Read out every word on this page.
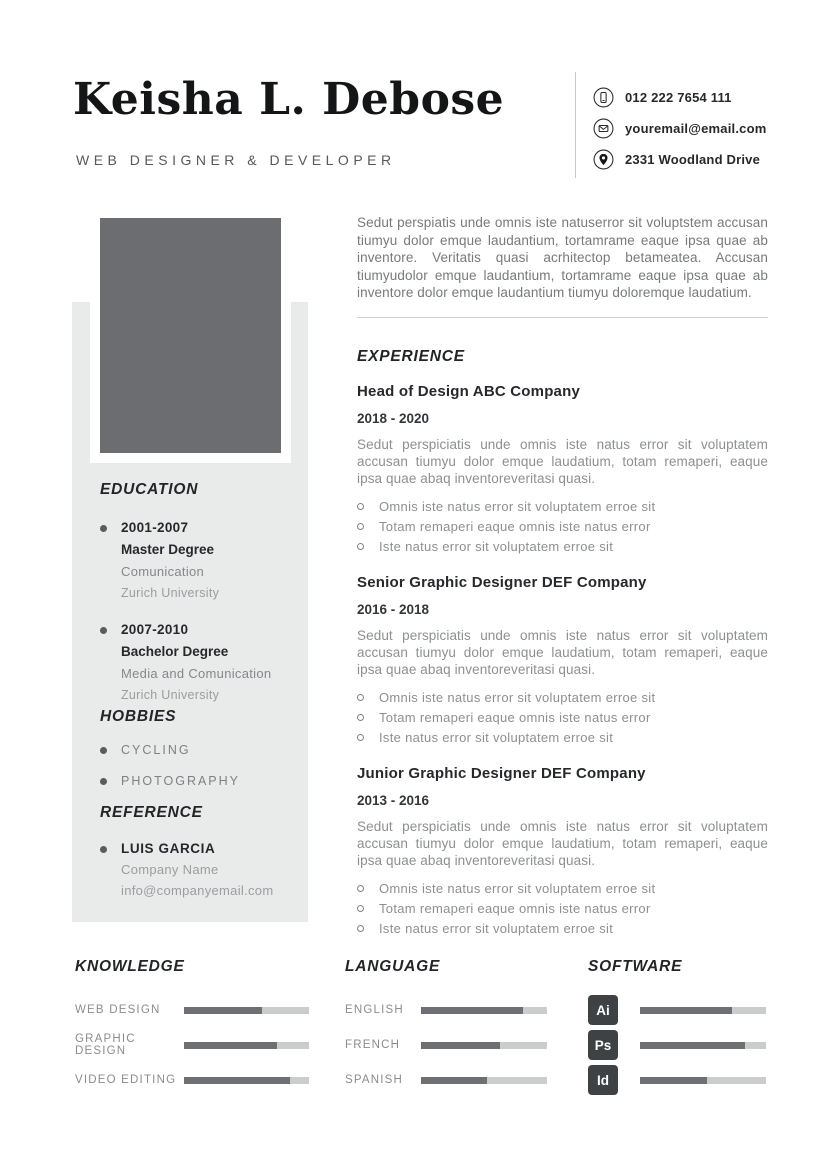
Keisha L. Debose
WEB DESIGNER & DEVELOPER
012 222 7654 111
youremail@email.com
2331 Woodland Drive
EDUCATION
2001-2007
Master Degree
Comunication
Zurich University
2007-2010
Bachelor Degree
Media and Comunication
Zurich University
HOBBIES
CYCLING
PHOTOGRAPHY
REFERENCE
LUIS GARCIA
Company Name
info@companyemail.com

Sedut perspiatis unde omnis iste natuserror sit voluptstem accusan tiumyu dolor emque laudantium, tortamrame eaque ipsa quae ab inventore. Veritatis quasi acrhitectop betameatea. Accusan tiumyudolor emque laudantium, tortamrame eaque ipsa quae ab inventore dolor emque laudantium tiumyu doloremque laudatium.

EXPERIENCE
Head of Design ABC Company
2018 - 2020

Sedut perspiciatis unde omnis iste natus error sit voluptatem accusan tiumyu dolor emque laudatium, totam remaperi, eaque ipsa quae abaq inventoreveritasi quasi.

Omnis iste natus error sit voluptatem erroe sit
Totam remaperi eaque omnis iste natus error
Iste natus error sit voluptatem erroe sit
Senior Graphic Designer DEF Company
2016 - 2018

Sedut perspiciatis unde omnis iste natus error sit voluptatem accusan tiumyu dolor emque laudatium, totam remaperi, eaque ipsa quae abaq inventoreveritasi quasi.

Omnis iste natus error sit voluptatem erroe sit
Totam remaperi eaque omnis iste natus error
Iste natus error sit voluptatem erroe sit
Junior Graphic Designer DEF Company
2013 - 2016

Sedut perspiciatis unde omnis iste natus error sit voluptatem accusan tiumyu dolor emque laudatium, totam remaperi, eaque ipsa quae abaq inventoreveritasi quasi.

Omnis iste natus error sit voluptatem erroe sit
Totam remaperi eaque omnis iste natus error
Iste natus error sit voluptatem erroe sit
KNOWLEDGE
WEB DESIGN
GRAPHIC DESIGN
VIDEO EDITING
LANGUAGE
ENGLISH
FRENCH
SPANISH
SOFTWARE
Ai
Ps
Id
